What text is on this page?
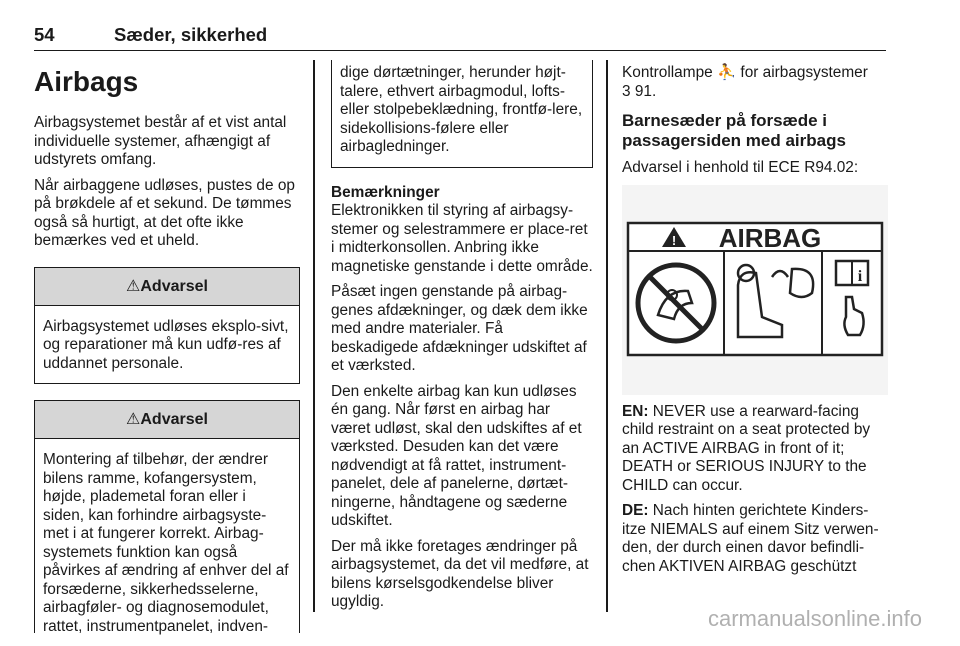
54	Sæder, sikkerhed
Airbags

Airbagsystemet består af et vist antal individuelle systemer, afhængigt af udstyrets omfang.

Når airbaggene udløses, pustes de op på brøkdele af et sekund. De tømmes også så hurtigt, at det ofte ikke bemærkes ved et uheld.

⚠Advarsel
Airbagsystemet udløses eksplo-sivt, og reparationer må kun udfø-res af uddannet personale.
⚠Advarsel
Montering af tilbehør, der ændrer bilens ramme, kofangersystem, højde, plademetal foran eller i siden, kan forhindre airbagsyste-met i at fungerer korrekt. Airbag-systemets funktion kan også påvirkes af ændring af enhver del af forsæderne, sikkerhedsselerne, airbagføler- og diagnosemodulet, rattet, instrumentpanelet, indven-
dige dørtætninger, herunder højt-talere, ethvert airbagmodul, lofts-eller stolpebeklædning, frontfø-lere, sidekollisions-følere eller airbagledninger.
Bemærkninger

Elektronikken til styring af airbagsy-stemer og selestrammere er place-ret i midterkonsollen. Anbring ikke magnetiske genstande i dette område.

Påsæt ingen genstande på airbag-genes afdækninger, og dæk dem ikke med andre materialer. Få beskadigede afdækninger udskiftet af et værksted.

Den enkelte airbag kan kun udløses én gang. Når først en airbag har været udløst, skal den udskiftes af et værksted. Desuden kan det være nødvendigt at få rattet, instrument-panelet, dele af panelerne, dørtæt-ningerne, håndtagene og sæderne udskiftet.

Der må ikke foretages ændringer på airbagsystemet, da det vil medføre, at bilens kørselsgodkendelse bliver ugyldig.

Kontrollampe ⛹ for airbagsystemer
3 91.

Barnesæder på forsæde i passagersiden med airbags

Advarsel i henhold til ECE R94.02:

! AIRBAG
i

EN: NEVER use a rearward-facing child restraint on a seat protected by an ACTIVE AIRBAG in front of it; DEATH or SERIOUS INJURY to the CHILD can occur.

DE: Nach hinten gerichtete Kinders-itze NIEMALS auf einem Sitz verwen-den, der durch einen davor befindli-chen AKTIVEN AIRBAG geschützt

carmanualsonline.info
